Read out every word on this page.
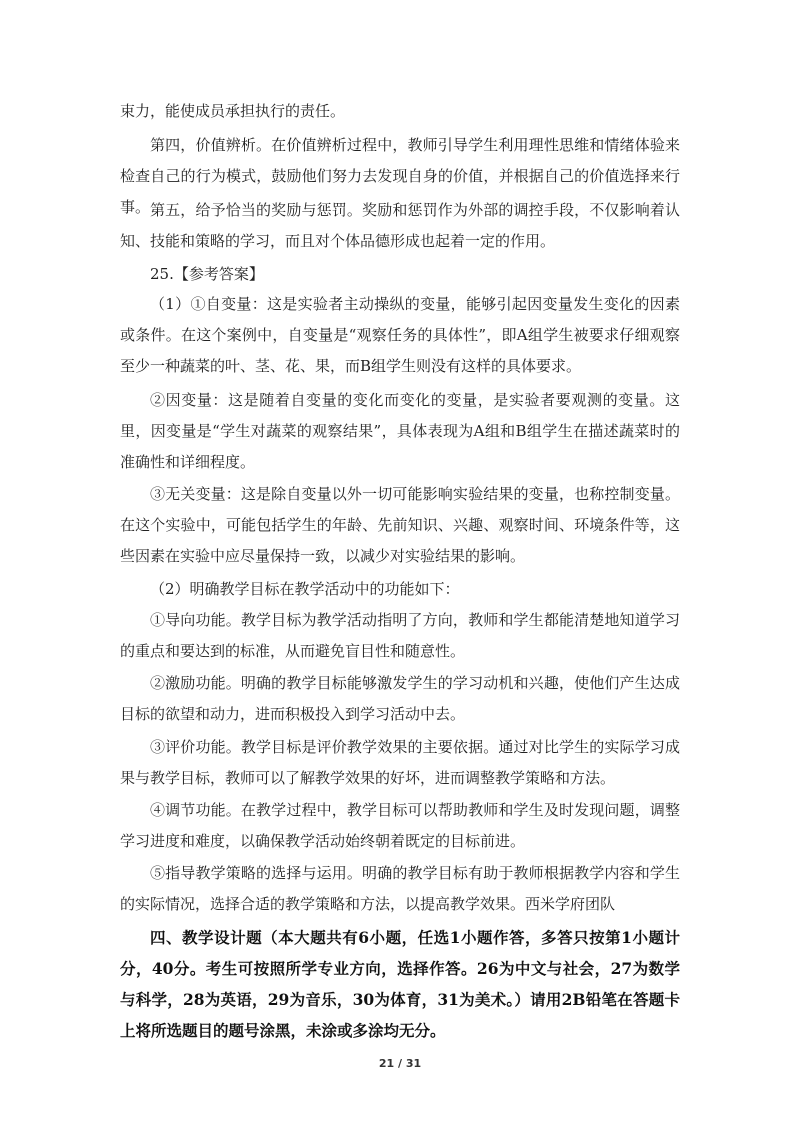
束力，能使成员承担执行的责任。

第四，价值辨析。在价值辨析过程中，教师引导学生利用理性思维和情绪体验来检查自己的行为模式，鼓励他们努力去发现自身的价值，并根据自己的价值选择来行事。 第五，给予恰当的奖励与惩罚。奖励和惩罚作为外部的调控手段，不仅影响着认知、技能和策略的学习，而且对个体品德形成也起着一定的作用。

25.【参考答案】

（1）①自变量：这是实验者主动操纵的变量，能够引起因变量发生变化的因素或条件。在这个案例中，自变量是“观察任务的具体性”，即A组学生被要求仔细观察至少一种蔬菜的叶、茎、花、果，而B组学生则没有这样的具体要求。

②因变量：这是随着自变量的变化而变化的变量，是实验者要观测的变量。这里，因变量是“学生对蔬菜的观察结果”，具体表现为A组和B组学生在描述蔬菜时的准确性和详细程度。

③无关变量：这是除自变量以外一切可能影响实验结果的变量，也称控制变量。在这个实验中，可能包括学生的年龄、先前知识、兴趣、观察时间、环境条件等，这些因素在实验中应尽量保持一致，以减少对实验结果的影响。

（2）明确教学目标在教学活动中的功能如下：

①导向功能。教学目标为教学活动指明了方向，教师和学生都能清楚地知道学习的重点和要达到的标准，从而避免盲目性和随意性。

②激励功能。明确的教学目标能够激发学生的学习动机和兴趣，使他们产生达成目标的欲望和动力，进而积极投入到学习活动中去。

③评价功能。教学目标是评价教学效果的主要依据。通过对比学生的实际学习成果与教学目标，教师可以了解教学效果的好坏，进而调整教学策略和方法。

④调节功能。在教学过程中，教学目标可以帮助教师和学生及时发现问题，调整学习进度和难度，以确保教学活动始终朝着既定的目标前进。

⑤指导教学策略的选择与运用。明确的教学目标有助于教师根据教学内容和学生的实际情况，选择合适的教学策略和方法，以提高教学效果。西米学府团队

四、教学设计题（本大题共有6小题，任选1小题作答，多答只按第1小题计分，40分。考生可按照所学专业方向，选择作答。26为中文与社会，27为数学与科学，28为英语，29为音乐，30为体育，31为美术。）请用2B铅笔在答题卡上将所选题目的题号涂黑，未涂或多涂均无分。

21 / 31
